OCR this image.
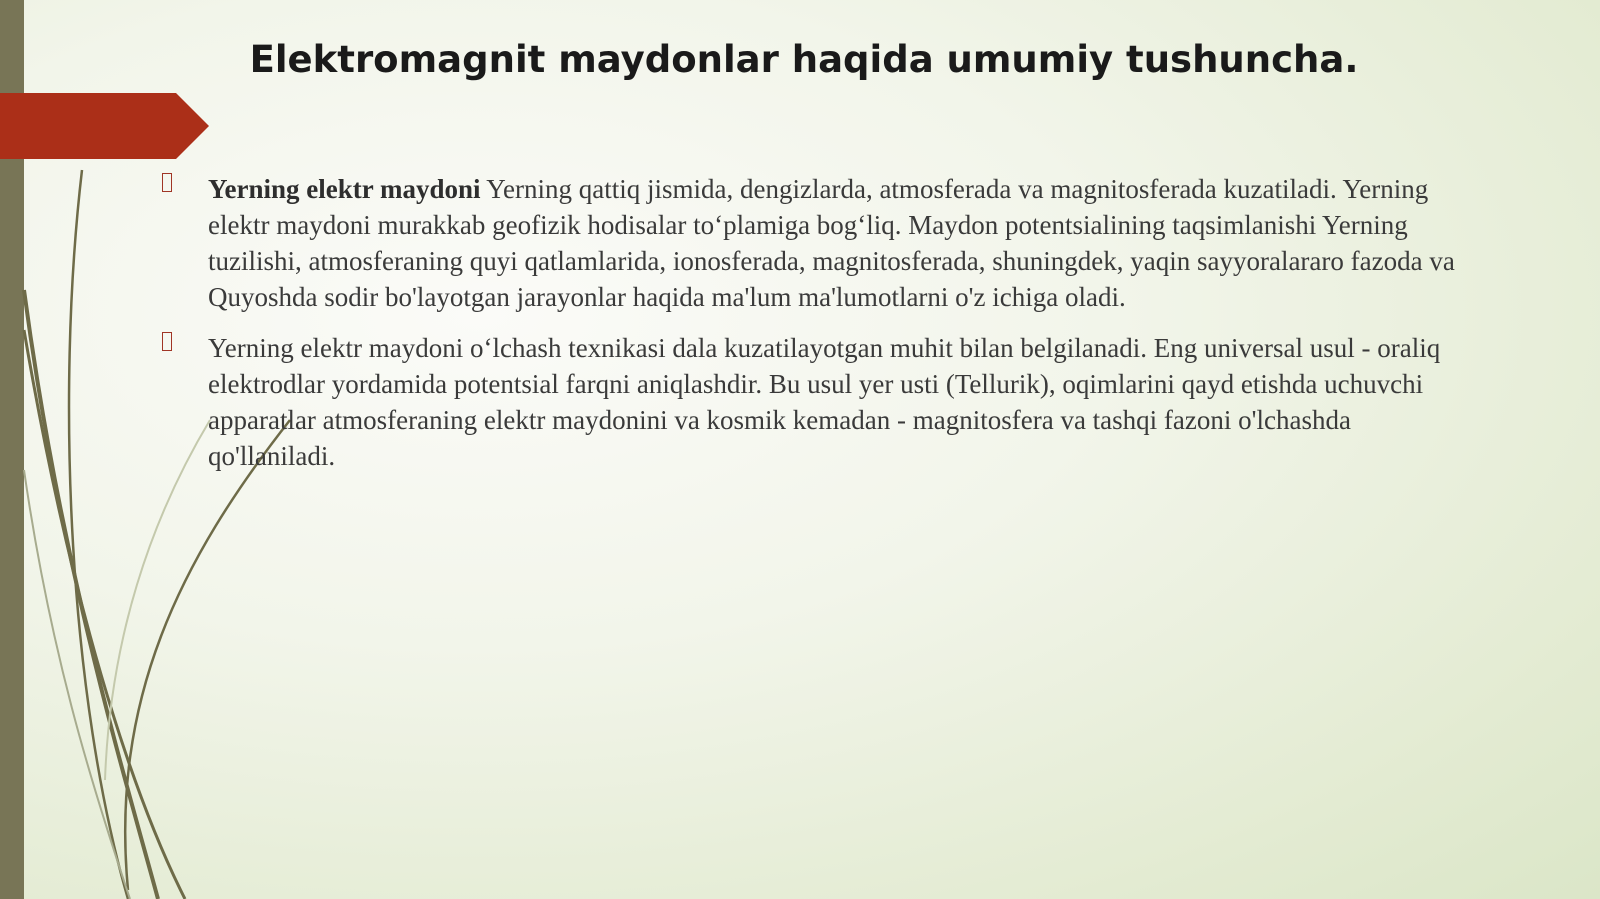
Elektromagnit maydonlar haqida umumiy tushuncha.

Yerning elektr maydoni Yerning qattiq jismida, dengizlarda, atmosferada va magnitosferada kuzatiladi. Yerning elektr maydoni murakkab geofizik hodisalar to‘plamiga bog‘liq. Maydon potentsialining taqsimlanishi Yerning tuzilishi, atmosferaning quyi qatlamlarida, ionosferada, magnitosferada, shuningdek, yaqin sayyoralararo fazoda va Quyoshda sodir bo'layotgan jarayonlar haqida ma'lum ma'lumotlarni o'z ichiga oladi.

Yerning elektr maydoni o‘lchash texnikasi dala kuzatilayotgan muhit bilan belgilanadi. Eng universal usul - oraliq elektrodlar yordamida potentsial farqni aniqlashdir. Bu usul yer usti (Tellurik), oqimlarini qayd etishda uchuvchi apparatlar atmosferaning elektr maydonini va kosmik kemadan - magnitosfera va tashqi fazoni o'lchashda qo'llaniladi.
